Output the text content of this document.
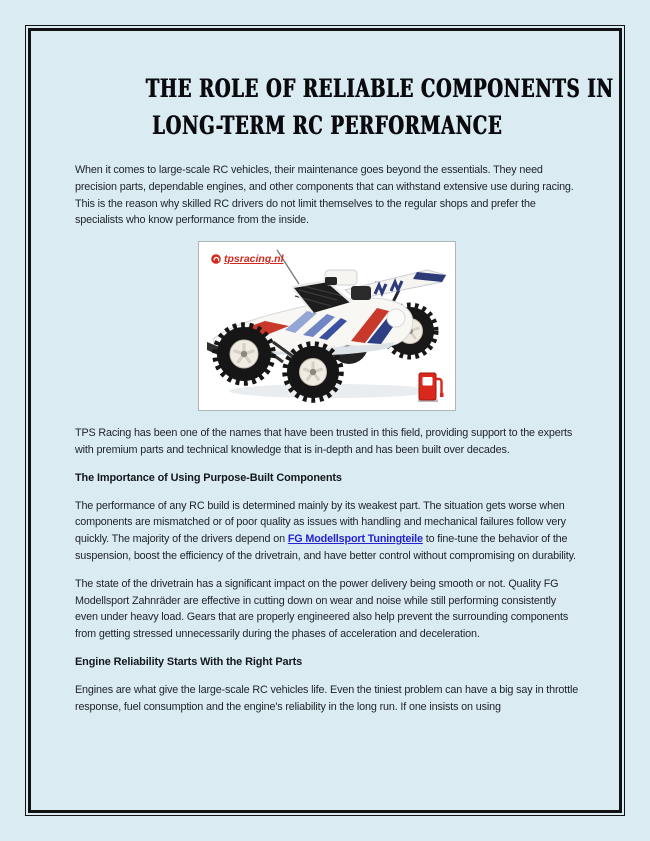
THE ROLE OF RELIABLE COMPONENTS IN
LONG-TERM RC PERFORMANCE

When it comes to large-scale RC vehicles, their maintenance goes beyond the essentials. They need precision parts, dependable engines, and other components that can withstand extensive use during racing. This is the reason why skilled RC drivers do not limit themselves to the regular shops and prefer the specialists who know performance from the inside.

tpsracing.nl

TPS Racing has been one of the names that have been trusted in this field, providing support to the experts with premium parts and technical knowledge that is in-depth and has been built over decades.

The Importance of Using Purpose-Built Components

The performance of any RC build is determined mainly by its weakest part. The situation gets worse when components are mismatched or of poor quality as issues with handling and mechanical failures follow very quickly. The majority of the drivers depend on FG Modellsport Tuningteile to fine-tune the behavior of the suspension, boost the efficiency of the drivetrain, and have better control without compromising on durability.

The state of the drivetrain has a significant impact on the power delivery being smooth or not. Quality FG Modellsport Zahnräder are effective in cutting down on wear and noise while still performing consistently even under heavy load. Gears that are properly engineered also help prevent the surrounding components from getting stressed unnecessarily during the phases of acceleration and deceleration.

Engine Reliability Starts With the Right Parts

Engines are what give the large-scale RC vehicles life. Even the tiniest problem can have a big say in throttle response, fuel consumption and the engine's reliability in the long run. If one insists on using
